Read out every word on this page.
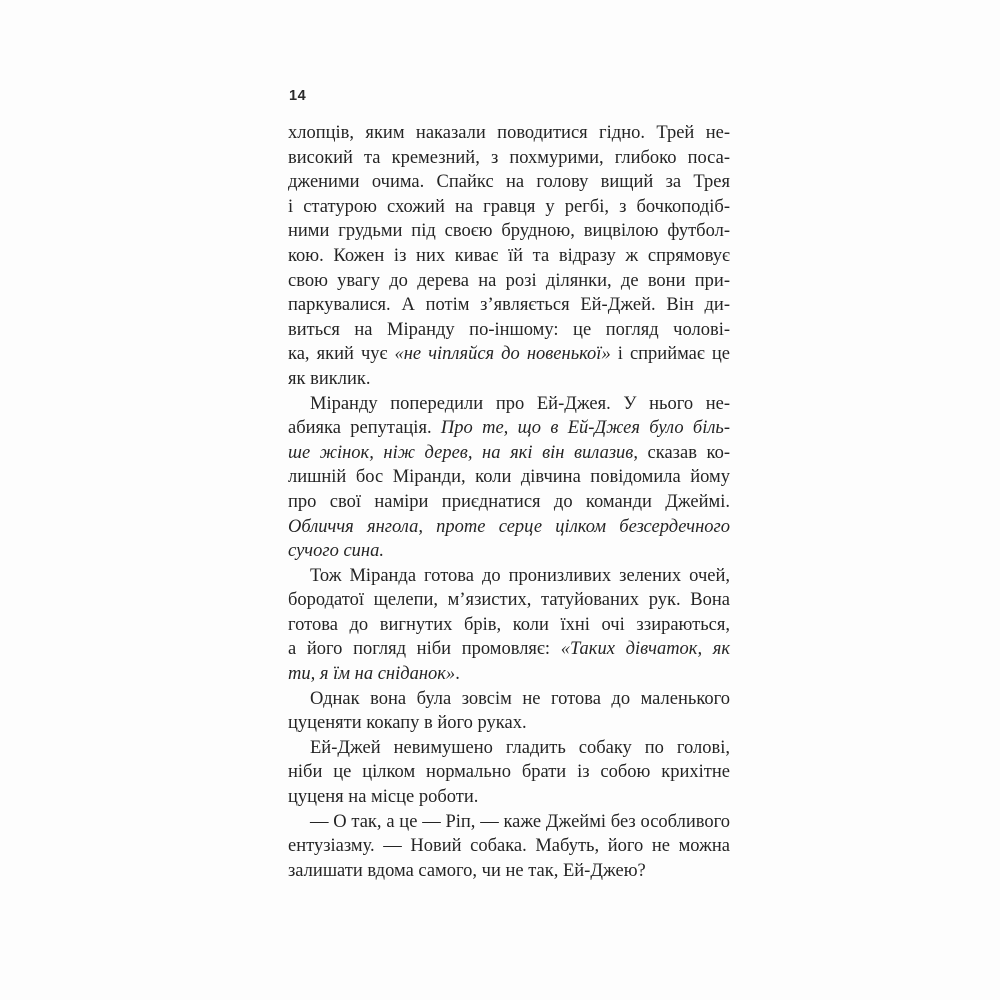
14
хлопців, яким наказали поводитися гідно. Трей не-
високий та кремезний, з похмурими, глибоко поса-
дженими очима. Спайкс на голову вищий за Трея
і статурою схожий на гравця у регбі, з бочкоподіб-
ними грудьми під своєю брудною, вицвілою футбол-
кою. Кожен із них киває їй та відразу ж спрямовує
свою увагу до дерева на розі ділянки, де вони при-
паркувалися. А потім з’являється Ей-Джей. Він ди-
виться на Міранду по-іншому: це погляд чолові-
ка, який чує «не чіпляйся до новенької» і сприймає це
як виклик.
Міранду попередили про Ей-Джея. У нього не-
абияка репутація. Про те, що в Ей-Джея було біль-
ше жінок, ніж дерев, на які він вилазив, сказав ко-
лишній бос Міранди, коли дівчина повідомила йому
про свої наміри приєднатися до команди Джеймі.
Обличчя янгола, проте серце цілком безсердечного
сучого сина.
Тож Міранда готова до пронизливих зелених очей,
бородатої щелепи, м’язистих, татуйованих рук. Вона
готова до вигнутих брів, коли їхні очі ззираються,
а його погляд ніби промовляє: «Таких дівчаток, як
ти, я їм на сніданок».
Однак вона була зовсім не готова до маленького
цуценяти кокапу в його руках.
Ей-Джей невимушено гладить собаку по голові,
ніби це цілком нормально брати із собою крихітне
цуценя на місце роботи.
— О так, а це — Ріп, — каже Джеймі без особливого
ентузіазму. — Новий собака. Мабуть, його не можна
залишати вдома самого, чи не так, Ей-Джею?
